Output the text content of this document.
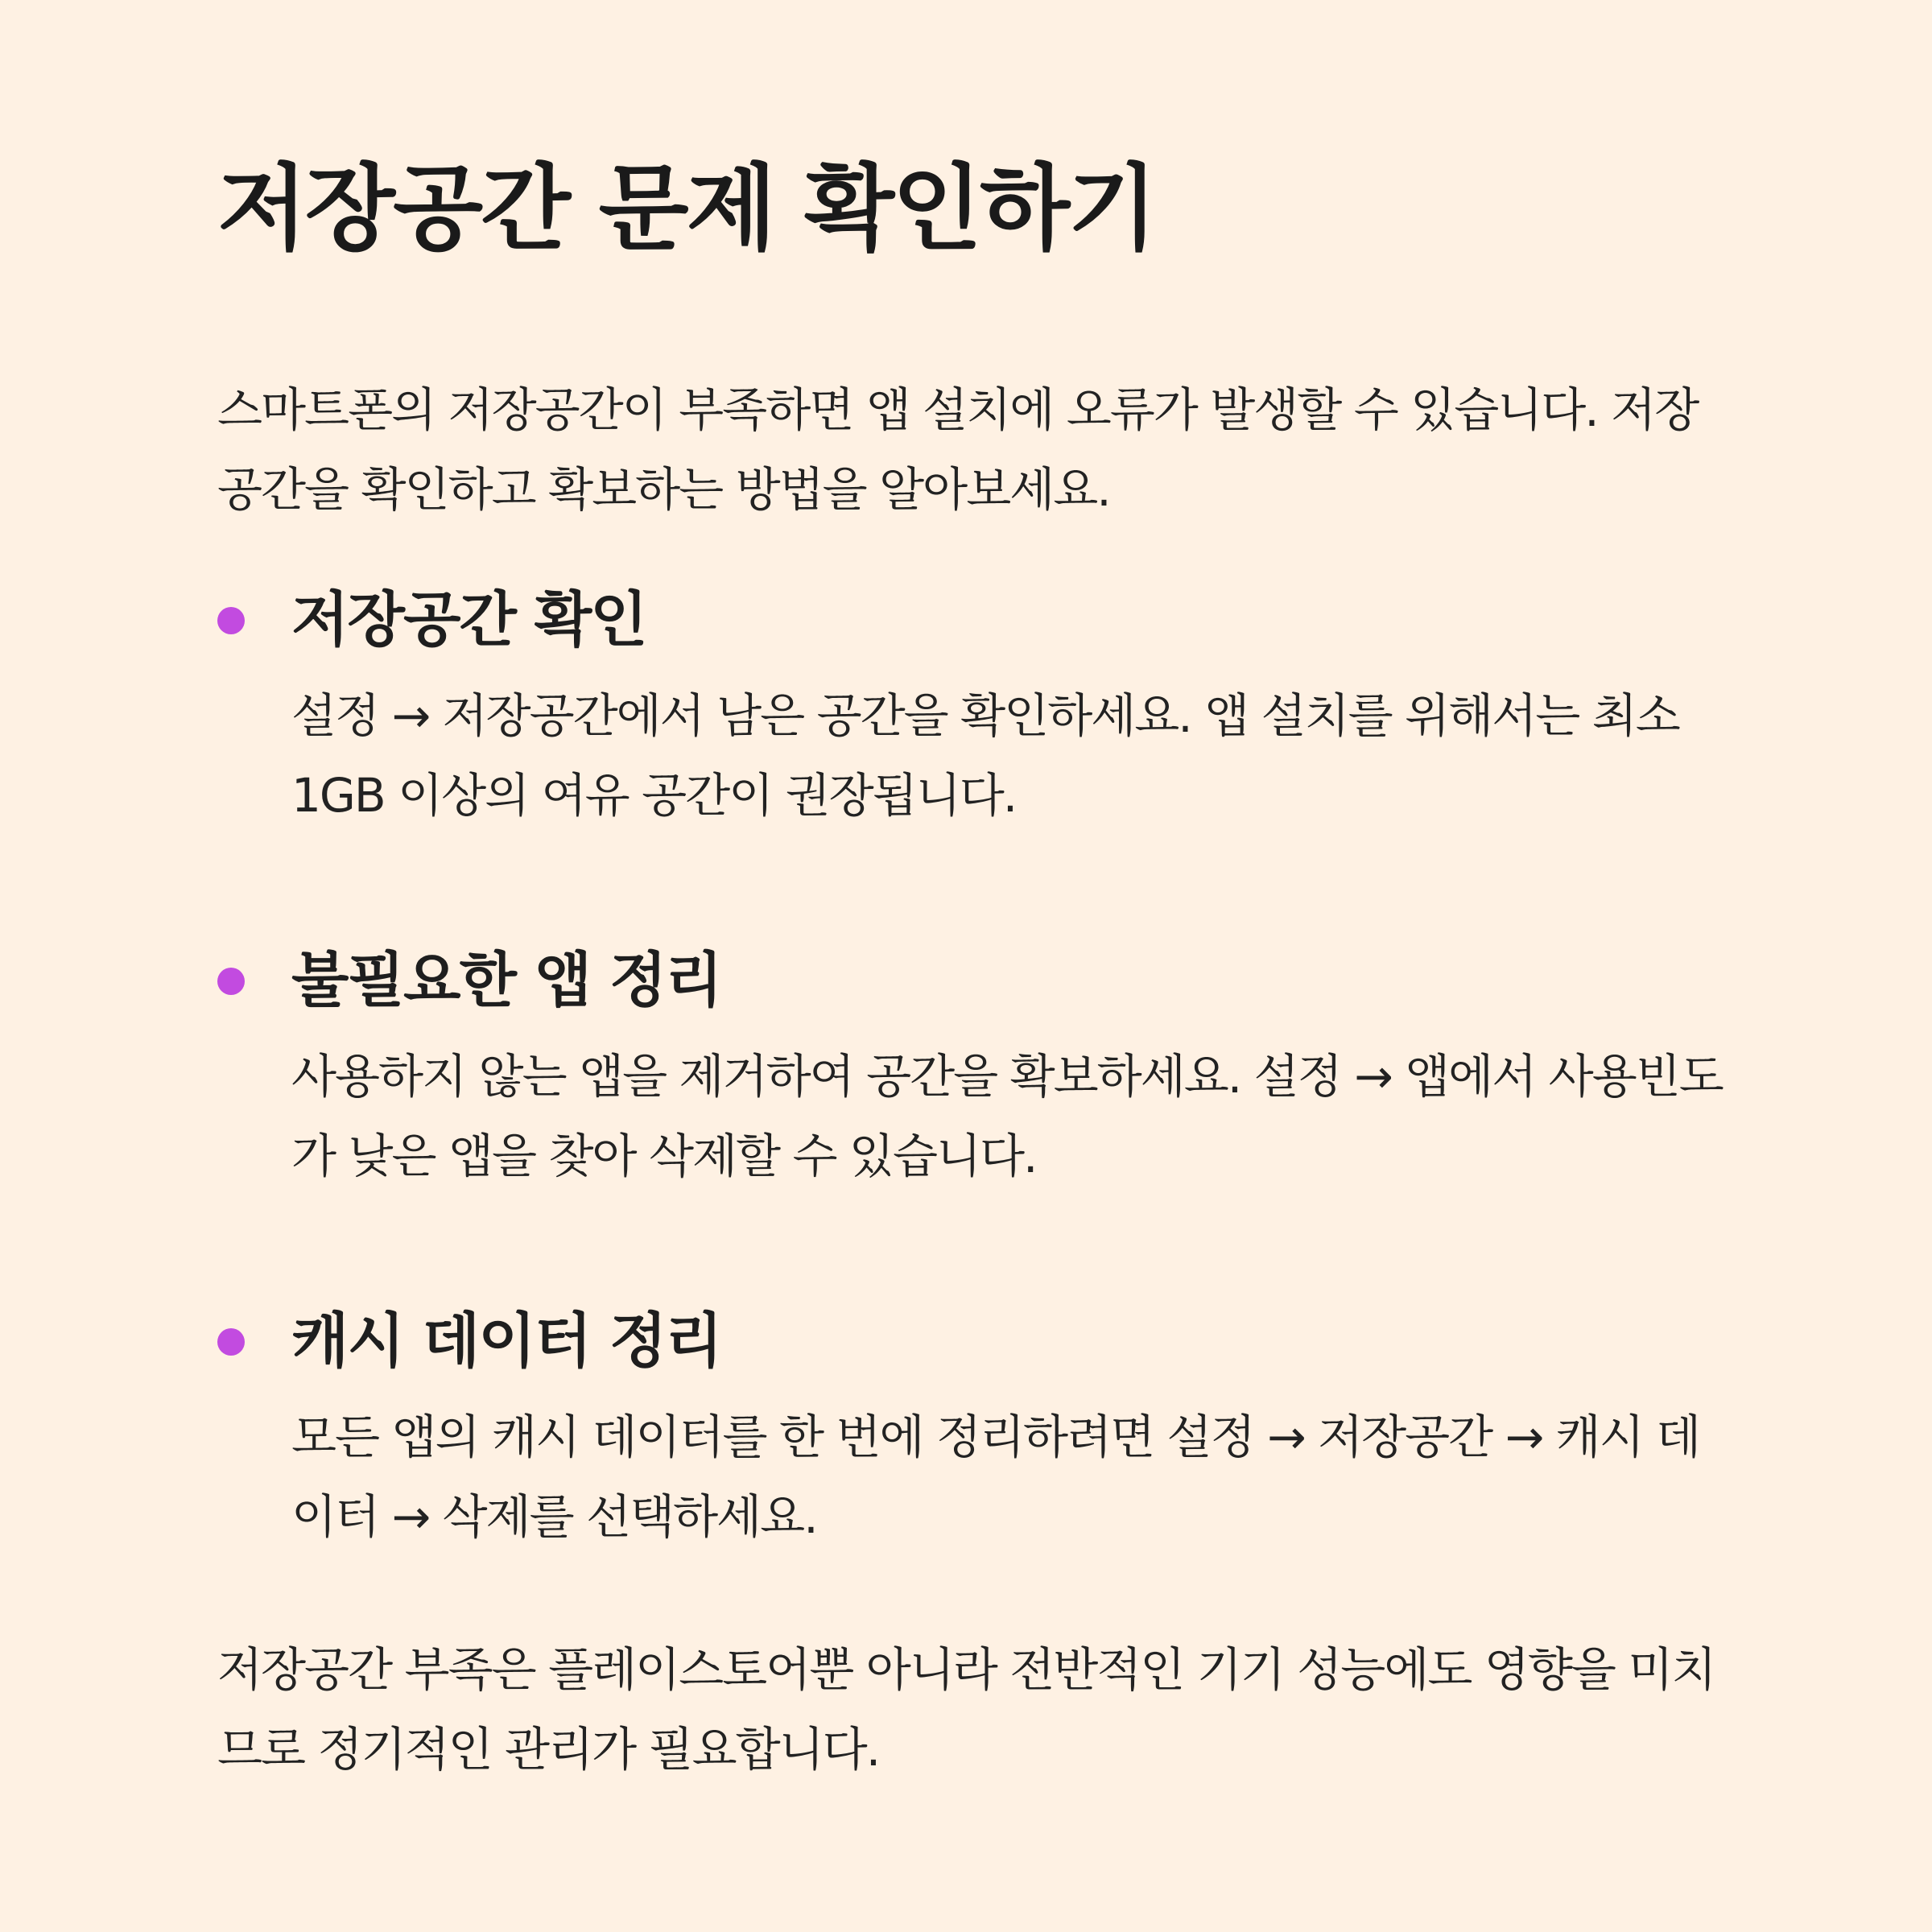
저장공간 문제 확인하기

스마트폰의 저장공간이 부족하면 앱 설치에 오류가 발생할 수 있습니다. 저장공간을 확인하고 확보하는 방법을 알아보세요.

저장공간 확인

설정 → 저장공간에서 남은 공간을 확인하세요. 앱 설치를 위해서는 최소 1GB 이상의 여유 공간이 권장됩니다.

불필요한 앱 정리

사용하지 않는 앱을 제거하여 공간을 확보하세요. 설정 → 앱에서 사용빈도가 낮은 앱을 찾아 삭제할 수 있습니다.

캐시 데이터 정리

모든 앱의 캐시 데이터를 한 번에 정리하려면 설정 → 저장공간 → 캐시 데이터 → 삭제를 선택하세요.

저장공간 부족은 플레이스토어뿐 아니라 전반적인 기기 성능에도 영향을 미치므로 정기적인 관리가 필요합니다.
